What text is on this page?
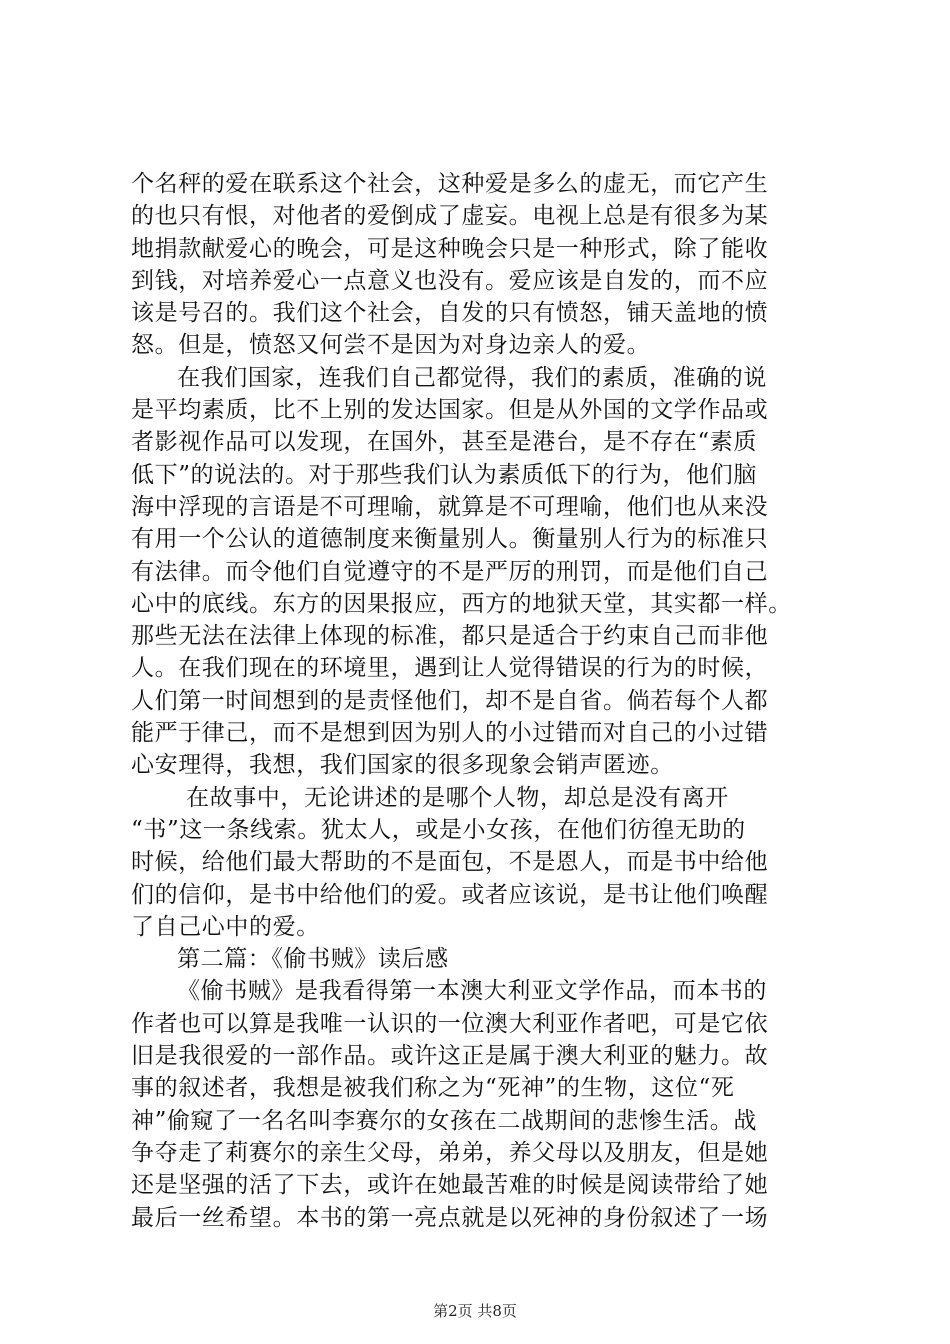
个名秤的爱在联系这个社会，这种爱是多么的虚无，而它产生
的也只有恨，对他者的爱倒成了虚妄。电视上总是有很多为某
地捐款献爱心的晚会，可是这种晚会只是一种形式，除了能收
到钱，对培养爱心一点意义也没有。爱应该是自发的，而不应
该是号召的。我们这个社会，自发的只有愤怒，铺天盖地的愤
怒。但是，愤怒又何尝不是因为对身边亲人的爱。
在我们国家，连我们自己都觉得，我们的素质，准确的说
是平均素质，比不上别的发达国家。但是从外国的文学作品或
者影视作品可以发现，在国外，甚至是港台，是不存在“素质
低下”的说法的。对于那些我们认为素质低下的行为，他们脑
海中浮现的言语是不可理喻，就算是不可理喻，他们也从来没
有用一个公认的道德制度来衡量别人。衡量别人行为的标准只
有法律。而令他们自觉遵守的不是严厉的刑罚，而是他们自己
心中的底线。东方的因果报应，西方的地狱天堂，其实都一样。
那些无法在法律上体现的标准，都只是适合于约束自己而非他
人。在我们现在的环境里，遇到让人觉得错误的行为的时候，
人们第一时间想到的是责怪他们，却不是自省。倘若每个人都
能严于律己，而不是想到因为别人的小过错而对自己的小过错
心安理得，我想，我们国家的很多现象会销声匿迹。
在故事中，无论讲述的是哪个人物，却总是没有离开
“书”这一条线索。犹太人，或是小女孩，在他们彷徨无助的
时候，给他们最大帮助的不是面包，不是恩人，而是书中给他
们的信仰，是书中给他们的爱。或者应该说，是书让他们唤醒
了自己心中的爱。
第二篇：《偷书贼》读后感
《偷书贼》是我看得第一本澳大利亚文学作品，而本书的
作者也可以算是我唯一认识的一位澳大利亚作者吧，可是它依
旧是我很爱的一部作品。或许这正是属于澳大利亚的魅力。故
事的叙述者，我想是被我们称之为“死神”的生物，这位“死
神”偷窥了一名名叫李赛尔的女孩在二战期间的悲惨生活。战
争夺走了莉赛尔的亲生父母，弟弟，养父母以及朋友，但是她
还是坚强的活了下去，或许在她最苦难的时候是阅读带给了她
最后一丝希望。本书的第一亮点就是以死神的身份叙述了一场
第2页 共8页
